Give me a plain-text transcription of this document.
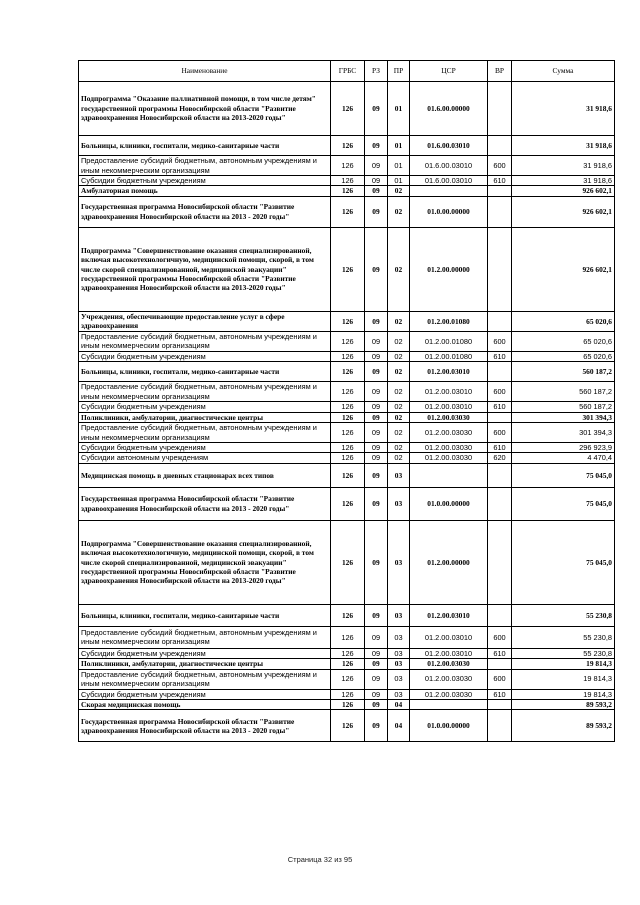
Наименование	ГРБС	РЗ	ПР	ЦСР	ВР	Сумма
Подпрограмма "Оказание паллиативной помощи, в том числе детям" государственной программы Новосибирской области "Развитие здравоохранения Новосибирской области на 2013-2020 годы"	126	09	01	01.6.00.00000		31 918,6
Больницы, клиники, госпитали, медико-санитарные части	126	09	01	01.6.00.03010		31 918,6
Предоставление субсидий бюджетным, автономным учреждениям и иным некоммерческим организациям	126	09	01	01.6.00.03010	600	31 918,6
Субсидии бюджетным учреждениям	126	09	01	01.6.00.03010	610	31 918,6
Амбулаторная помощь	126	09	02			926 602,1
Государственная программа Новосибирской области "Развитие здравоохранения Новосибирской области на 2013 - 2020 годы"	126	09	02	01.0.00.00000		926 602,1
Подпрограмма "Совершенствование оказания специализированной, включая высокотехнологичную, медицинской помощи, скорой, в том числе скорой специализированной, медицинской эвакуации" государственной программы Новосибирской области "Развитие здравоохранения Новосибирской области на 2013-2020 годы"	126	09	02	01.2.00.00000		926 602,1
Учреждения, обеспечивающие предоставление услуг в сфере здравоохранения	126	09	02	01.2.00.01080		65 020,6
Предоставление субсидий бюджетным, автономным учреждениям и иным некоммерческим организациям	126	09	02	01.2.00.01080	600	65 020,6
Субсидии бюджетным учреждениям	126	09	02	01.2.00.01080	610	65 020,6
Больницы, клиники, госпитали, медико-санитарные части	126	09	02	01.2.00.03010		560 187,2
Предоставление субсидий бюджетным, автономным учреждениям и иным некоммерческим организациям	126	09	02	01.2.00.03010	600	560 187,2
Субсидии бюджетным учреждениям	126	09	02	01.2.00.03010	610	560 187,2
Поликлиники, амбулатории, диагностические центры	126	09	02	01.2.00.03030		301 394,3
Предоставление субсидий бюджетным, автономным учреждениям и иным некоммерческим организациям	126	09	02	01.2.00.03030	600	301 394,3
Субсидии бюджетным учреждениям	126	09	02	01.2.00.03030	610	296 923,9
Субсидии автономным учреждениям	126	09	02	01.2.00.03030	620	4 470,4
Медицинская помощь в дневных стационарах всех типов	126	09	03			75 045,0
Государственная программа Новосибирской области "Развитие здравоохранения Новосибирской области на 2013 - 2020 годы"	126	09	03	01.0.00.00000		75 045,0
Подпрограмма "Совершенствование оказания специализированной, включая высокотехнологичную, медицинской помощи, скорой, в том числе скорой специализированной, медицинской эвакуации" государственной программы Новосибирской области "Развитие здравоохранения Новосибирской области на 2013-2020 годы"	126	09	03	01.2.00.00000		75 045,0
Больницы, клиники, госпитали, медико-санитарные части	126	09	03	01.2.00.03010		55 230,8
Предоставление субсидий бюджетным, автономным учреждениям и иным некоммерческим организациям	126	09	03	01.2.00.03010	600	55 230,8
Субсидии бюджетным учреждениям	126	09	03	01.2.00.03010	610	55 230,8
Поликлиники, амбулатории, диагностические центры	126	09	03	01.2.00.03030		19 814,3
Предоставление субсидий бюджетным, автономным учреждениям и иным некоммерческим организациям	126	09	03	01.2.00.03030	600	19 814,3
Субсидии бюджетным учреждениям	126	09	03	01.2.00.03030	610	19 814,3
Скорая медицинская помощь	126	09	04			89 593,2
Государственная программа Новосибирской области "Развитие здравоохранения Новосибирской области на 2013 - 2020 годы"	126	09	04	01.0.00.00000		89 593,2
Страница 32 из 95
